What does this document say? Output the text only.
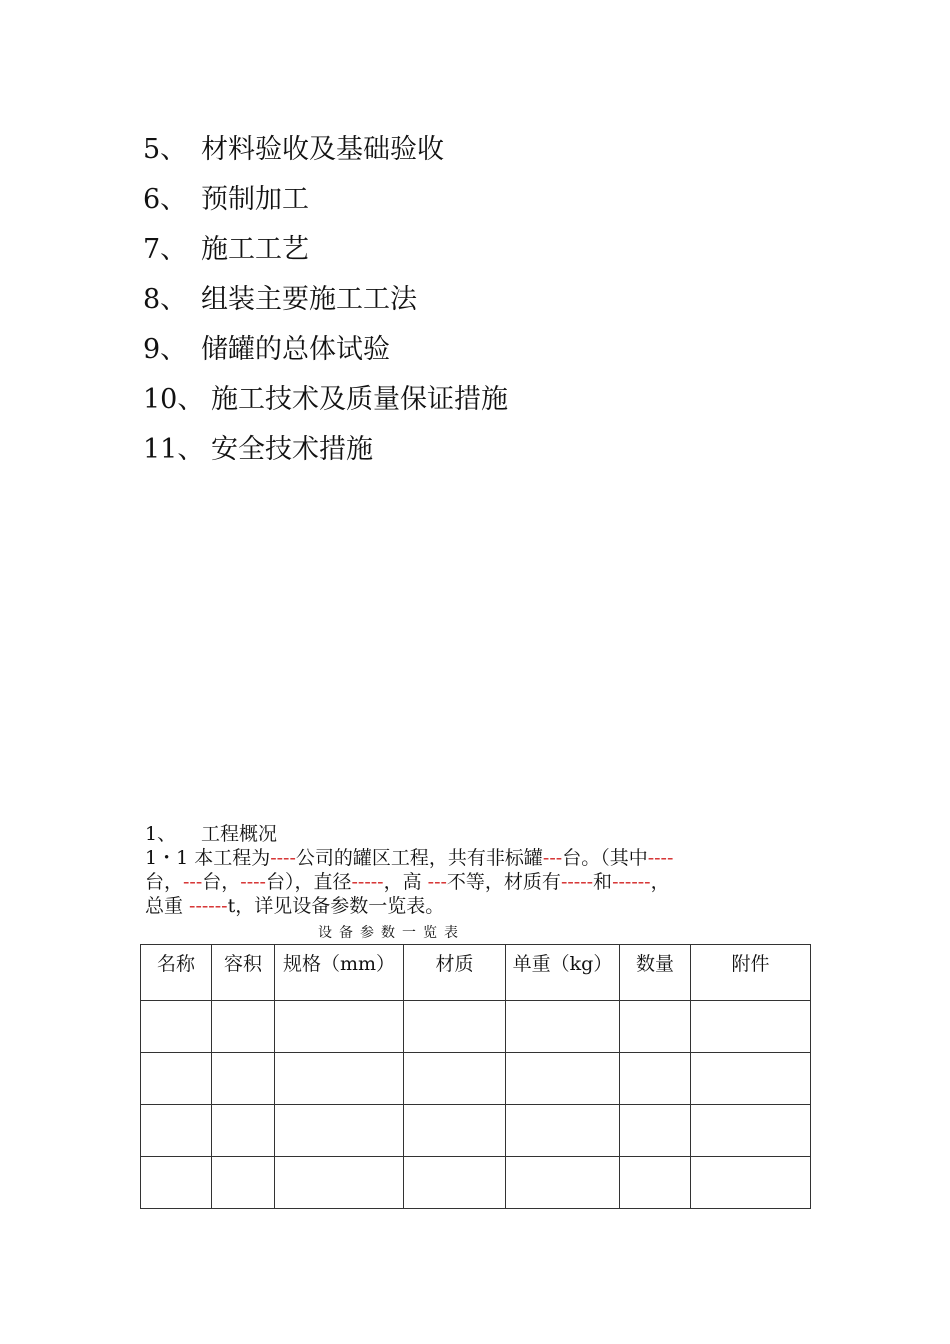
5、 材料验收及基础验收
6、 预制加工
7、 施工工艺
8、 组装主要施工工法
9、 储罐的总体试验
10、 施工技术及质量保证措施
11、 安全技术措施
1、 工程概况
1・1 本工程为----公司的罐区工程，共有非标罐---台。（其中----
台，---台，----台），直径-----，高 ---不等，材质有-----和------，
总重 ------t，详见设备参数一览表。
设备参数一览表
名称	容积	规格（mm）	材质	单重（kg）	数量	附件
